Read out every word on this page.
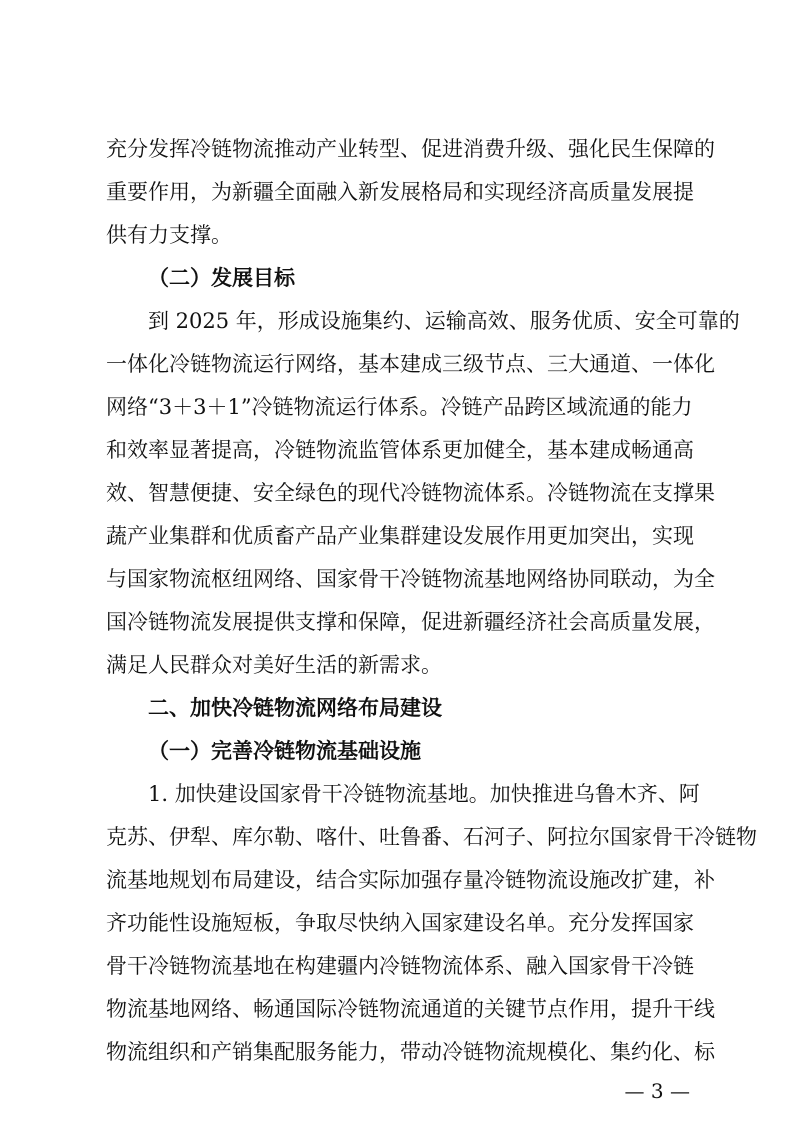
充分发挥冷链物流推动产业转型、促进消费升级、强化民生保障的
重要作用，为新疆全面融入新发展格局和实现经济高质量发展提
供有力支撑。
（二）发展目标
到 2025 年，形成设施集约、运输高效、服务优质、安全可靠的
一体化冷链物流运行网络，基本建成三级节点、三大通道、一体化
网络“3＋3＋1”冷链物流运行体系。冷链产品跨区域流通的能力
和效率显著提高，冷链物流监管体系更加健全，基本建成畅通高
效、智慧便捷、安全绿色的现代冷链物流体系。冷链物流在支撑果
蔬产业集群和优质畜产品产业集群建设发展作用更加突出，实现
与国家物流枢纽网络、国家骨干冷链物流基地网络协同联动，为全
国冷链物流发展提供支撑和保障，促进新疆经济社会高质量发展，
满足人民群众对美好生活的新需求。
二、加快冷链物流网络布局建设
（一）完善冷链物流基础设施
1. 加快建设国家骨干冷链物流基地。加快推进乌鲁木齐、阿
克苏、伊犁、库尔勒、喀什、吐鲁番、石河子、阿拉尔国家骨干冷链物
流基地规划布局建设，结合实际加强存量冷链物流设施改扩建，补
齐功能性设施短板，争取尽快纳入国家建设名单。充分发挥国家
骨干冷链物流基地在构建疆内冷链物流体系、融入国家骨干冷链
物流基地网络、畅通国际冷链物流通道的关键节点作用，提升干线
物流组织和产销集配服务能力，带动冷链物流规模化、集约化、标
— 3 —
